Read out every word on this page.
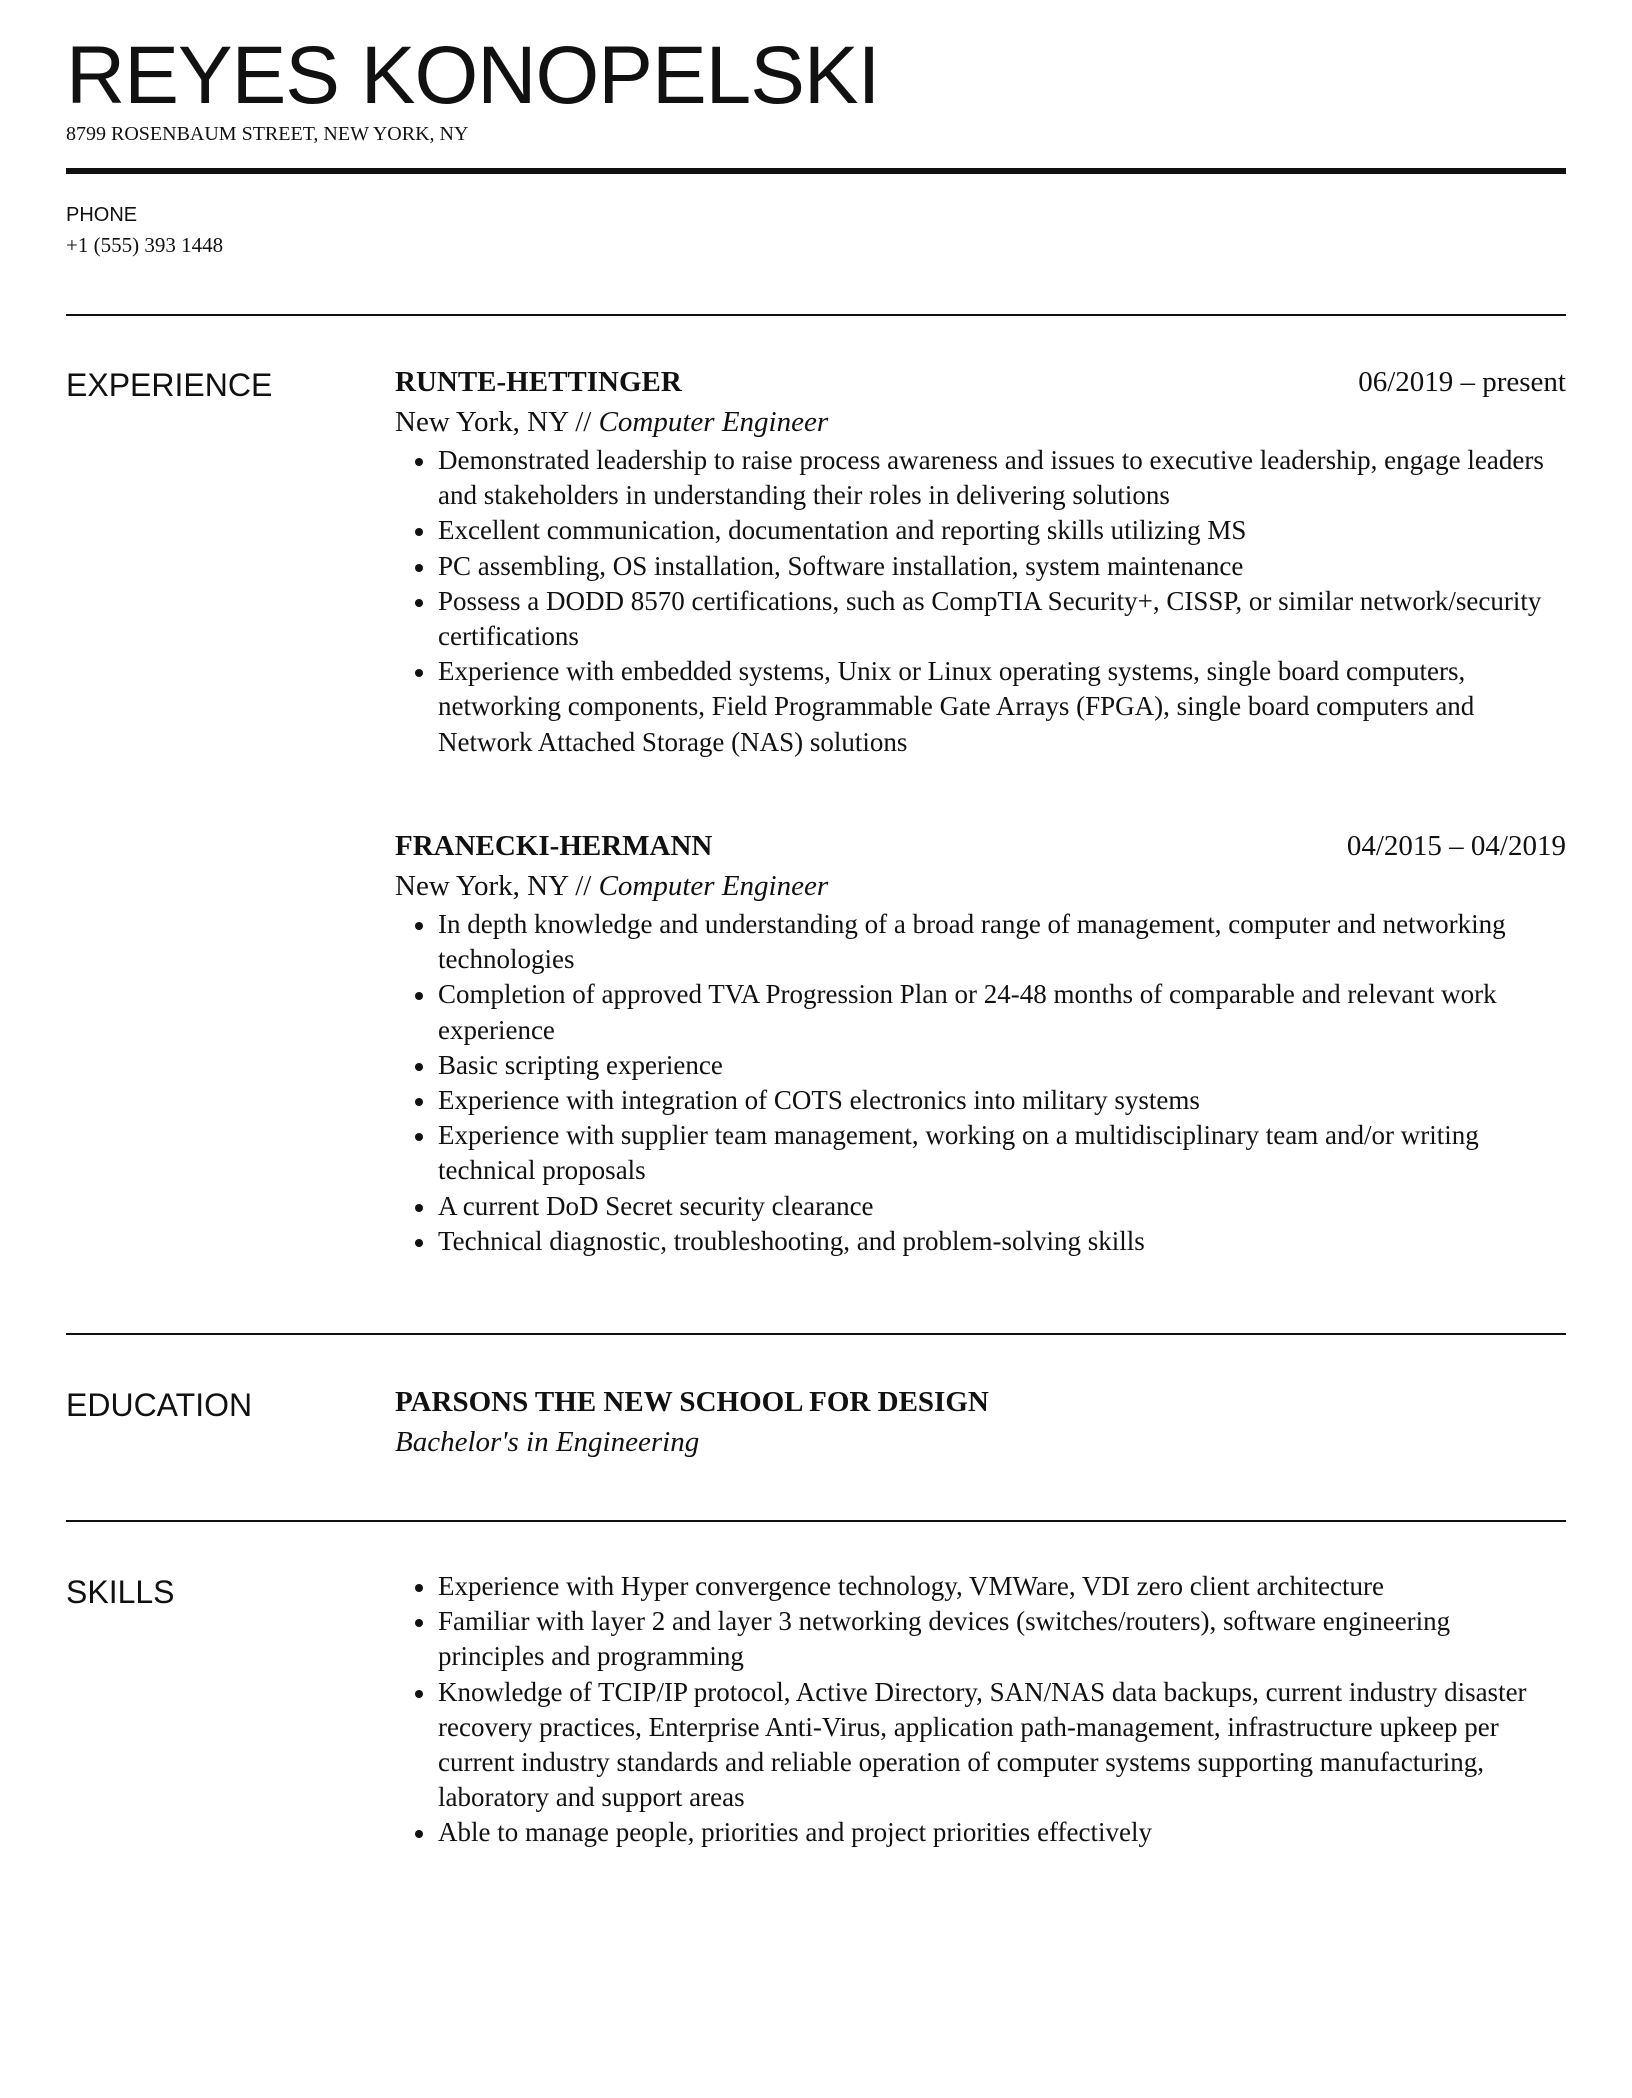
REYES KONOPELSKI
8799 ROSENBAUM STREET, NEW YORK, NY
PHONE
+1 (555) 393 1448
EXPERIENCE	RUNTE-HETTINGER	06/2019 – present
New York, NY // Computer Engineer
Demonstrated leadership to raise process awareness and issues to executive leadership, engage leaders and stakeholders in understanding their roles in delivering solutions
Excellent communication, documentation and reporting skills utilizing MS
PC assembling, OS installation, Software installation, system maintenance
Possess a DODD 8570 certifications, such as CompTIA Security+, CISSP, or similar network/security certifications
Experience with embedded systems, Unix or Linux operating systems, single board computers, networking components, Field Programmable Gate Arrays (FPGA), single board computers and Network Attached Storage (NAS) solutions
FRANECKI-HERMANN	04/2015 – 04/2019
New York, NY // Computer Engineer
In depth knowledge and understanding of a broad range of management, computer and networking technologies
Completion of approved TVA Progression Plan or 24-48 months of comparable and relevant work experience
Basic scripting experience
Experience with integration of COTS electronics into military systems
Experience with supplier team management, working on a multidisciplinary team and/or writing technical proposals
A current DoD Secret security clearance
Technical diagnostic, troubleshooting, and problem-solving skills
EDUCATION	PARSONS THE NEW SCHOOL FOR DESIGN
Bachelor's in Engineering
SKILLS	Experience with Hyper convergence technology, VMWare, VDI zero client architecture
Familiar with layer 2 and layer 3 networking devices (switches/routers), software engineering principles and programming
Knowledge of TCIP/IP protocol, Active Directory, SAN/NAS data backups, current industry disaster recovery practices, Enterprise Anti-Virus, application path-management, infrastructure upkeep per current industry standards and reliable operation of computer systems supporting manufacturing, laboratory and support areas
Able to manage people, priorities and project priorities effectively
